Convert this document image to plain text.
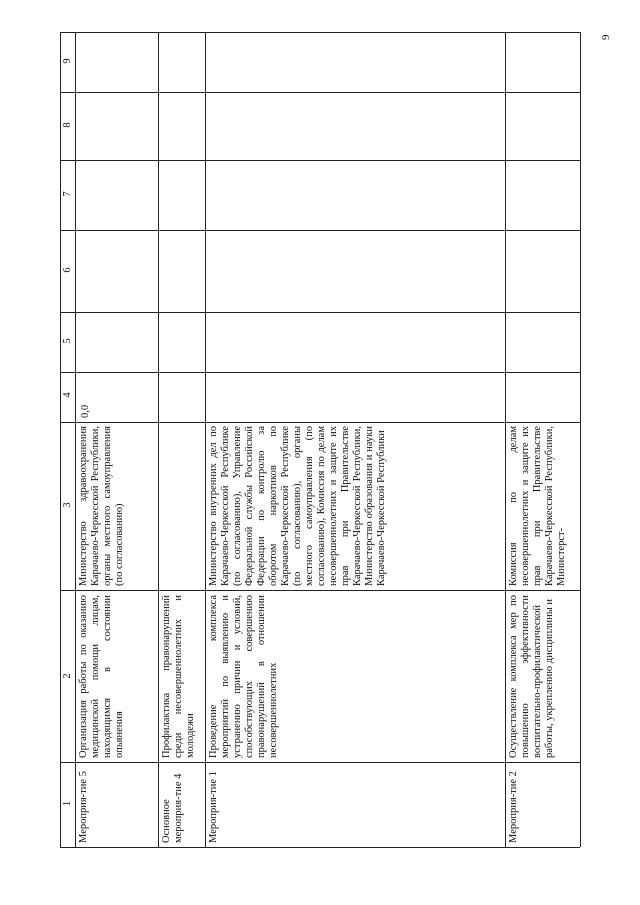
9
1
2
3
4
5
6
7
8
9
Мероприя-тие 5
Организация работы по оказанию медицинской помощи лицам, находящимся в состоянии опьянения
Министерство здравоохранения Карачаево-Черкесской Республики, органы местного самоуправления (по согласованию)
0,0
Основное мероприя-тие 4
Профилактика правонарушений среди несовершеннолетних и молодежи
Мероприя-тие 1
Проведение комплекса мероприятий по выявлению и устранению причин и условий, способствующих совершению правонарушений в отношении несовершеннолетних
Министерство внутренних дел по Карачаево-Черкесской Республике (по согласованию), Управление Федеральной службы Российской Федерации по контролю за оборотом наркотиков по Карачаево-Черкесской Республике (по согласованию), органы местного самоуправления (по согласованию), Комиссия по делам несовершеннолетних и защите их прав при Правительстве Карачаево-Черкесской Республики, Министерство образования и науки Карачаево-Черкесской Республики
Мероприя-тие 2
Осуществление комплекса мер по повышению эффективности воспитательно-профилактической работы, укреплению дисциплины и
Комиссия по делам несовершеннолетних и защите их прав при Правительстве Карачаево-Черкесской Республики, Министерст-
